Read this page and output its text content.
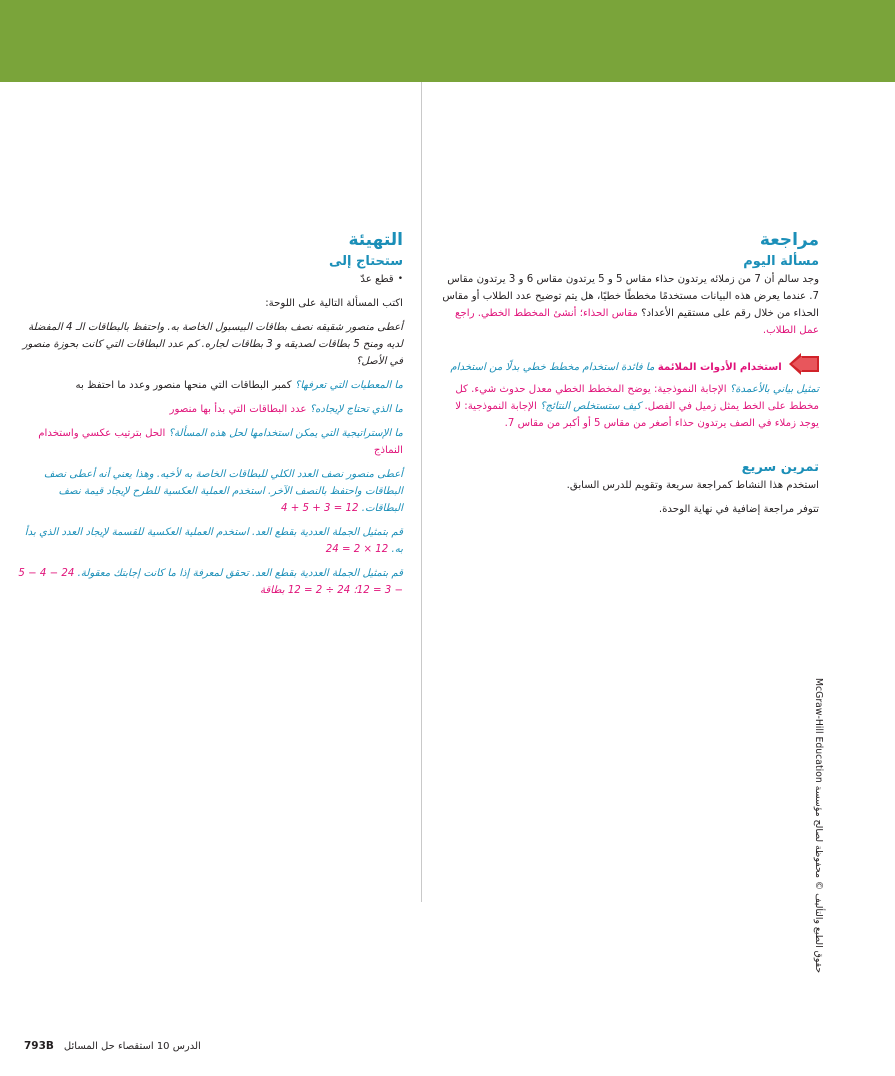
مراجعة
مسألة اليوم

وجد سالم أن 7 من زملائه يرتدون حذاء مقاس 5 و 5 يرتدون مقاس 6 و 3 يرتدون مقاس 7. عندما يعرض هذه البيانات مستخدمًا مخططًا خطيًا، هل يتم توضيح عدد الطلاب أو مقاس الحذاء من خلال رقم على مستقيم الأعداد؟ مقاس الحذاء؛ أنشئ المخطط الخطي. راجع عمل الطلاب.

استخدام الأدوات الملائمة ما فائدة استخدام مخطط خطي بدلًا من استخدام تمثيل بياني بالأعمدة؟ الإجابة النموذجية: يوضح المخطط الخطي معدل حدوث شيء. كل مخطط على الخط يمثل زميل في الفصل. كيف ستستخلص النتائج؟ الإجابة النموذجية: لا يوجد زملاء في الصف يرتدون حذاء أصغر من مقاس 5 أو أكبر من مقاس 7.

تمرين سريع

استخدم هذا النشاط كمراجعة سريعة وتقويم للدرس السابق.

تتوفر مراجعة إضافية في نهاية الوحدة.

التهيئة
ستحتاج إلى
•
قطع عدّ

اكتب المسألة التالية على اللوحة:

أعطى منصور شقيقه نصف بطاقات البيسبول الخاصة به. واحتفظ بالبطاقات الـ 4 المفضلة لديه ومنح 5 بطاقات لصديقه و 3 بطاقات لجاره. كم عدد البطاقات التي كانت بحوزة منصور في الأصل؟

ما المعطيات التي تعرفها؟ كمبر البطاقات التي منحها منصور وعدد ما احتفظ به

ما الذي تحتاج لإيجاده؟ عدد البطاقات التي بدأ بها منصور

ما الإستراتيجية التي يمكن استخدامها لحل هذه المسألة؟ الحل بترتيب عكسي واستخدام النماذج

أعطى منصور نصف العدد الكلي للبطاقات الخاصة به لأخيه. وهذا يعني أنه أعطى نصف البطاقات واحتفظ بالنصف الآخر. استخدم العملية العكسية للطرح لإيجاد قيمة نصف البطاقات. 12 = 3 + 5 + 4

قم بتمثيل الجملة العددية بقطع العد. استخدم العملية العكسية للقسمة لإيجاد العدد الذي بدأ به. 12 × 2 = 24

قم بتمثيل الجملة العددية بقطع العد. تحقق لمعرفة إذا ما كانت إجابتك معقولة. 24 − 4 − 5 − 3 = 12؛ 24 ÷ 2 = 12 بطاقة

حقوق الطبع والتأليف © محفوظة لصالح مؤسسة McGraw-Hill Education
793B الدرس 10 استقصاء حل المسائل
